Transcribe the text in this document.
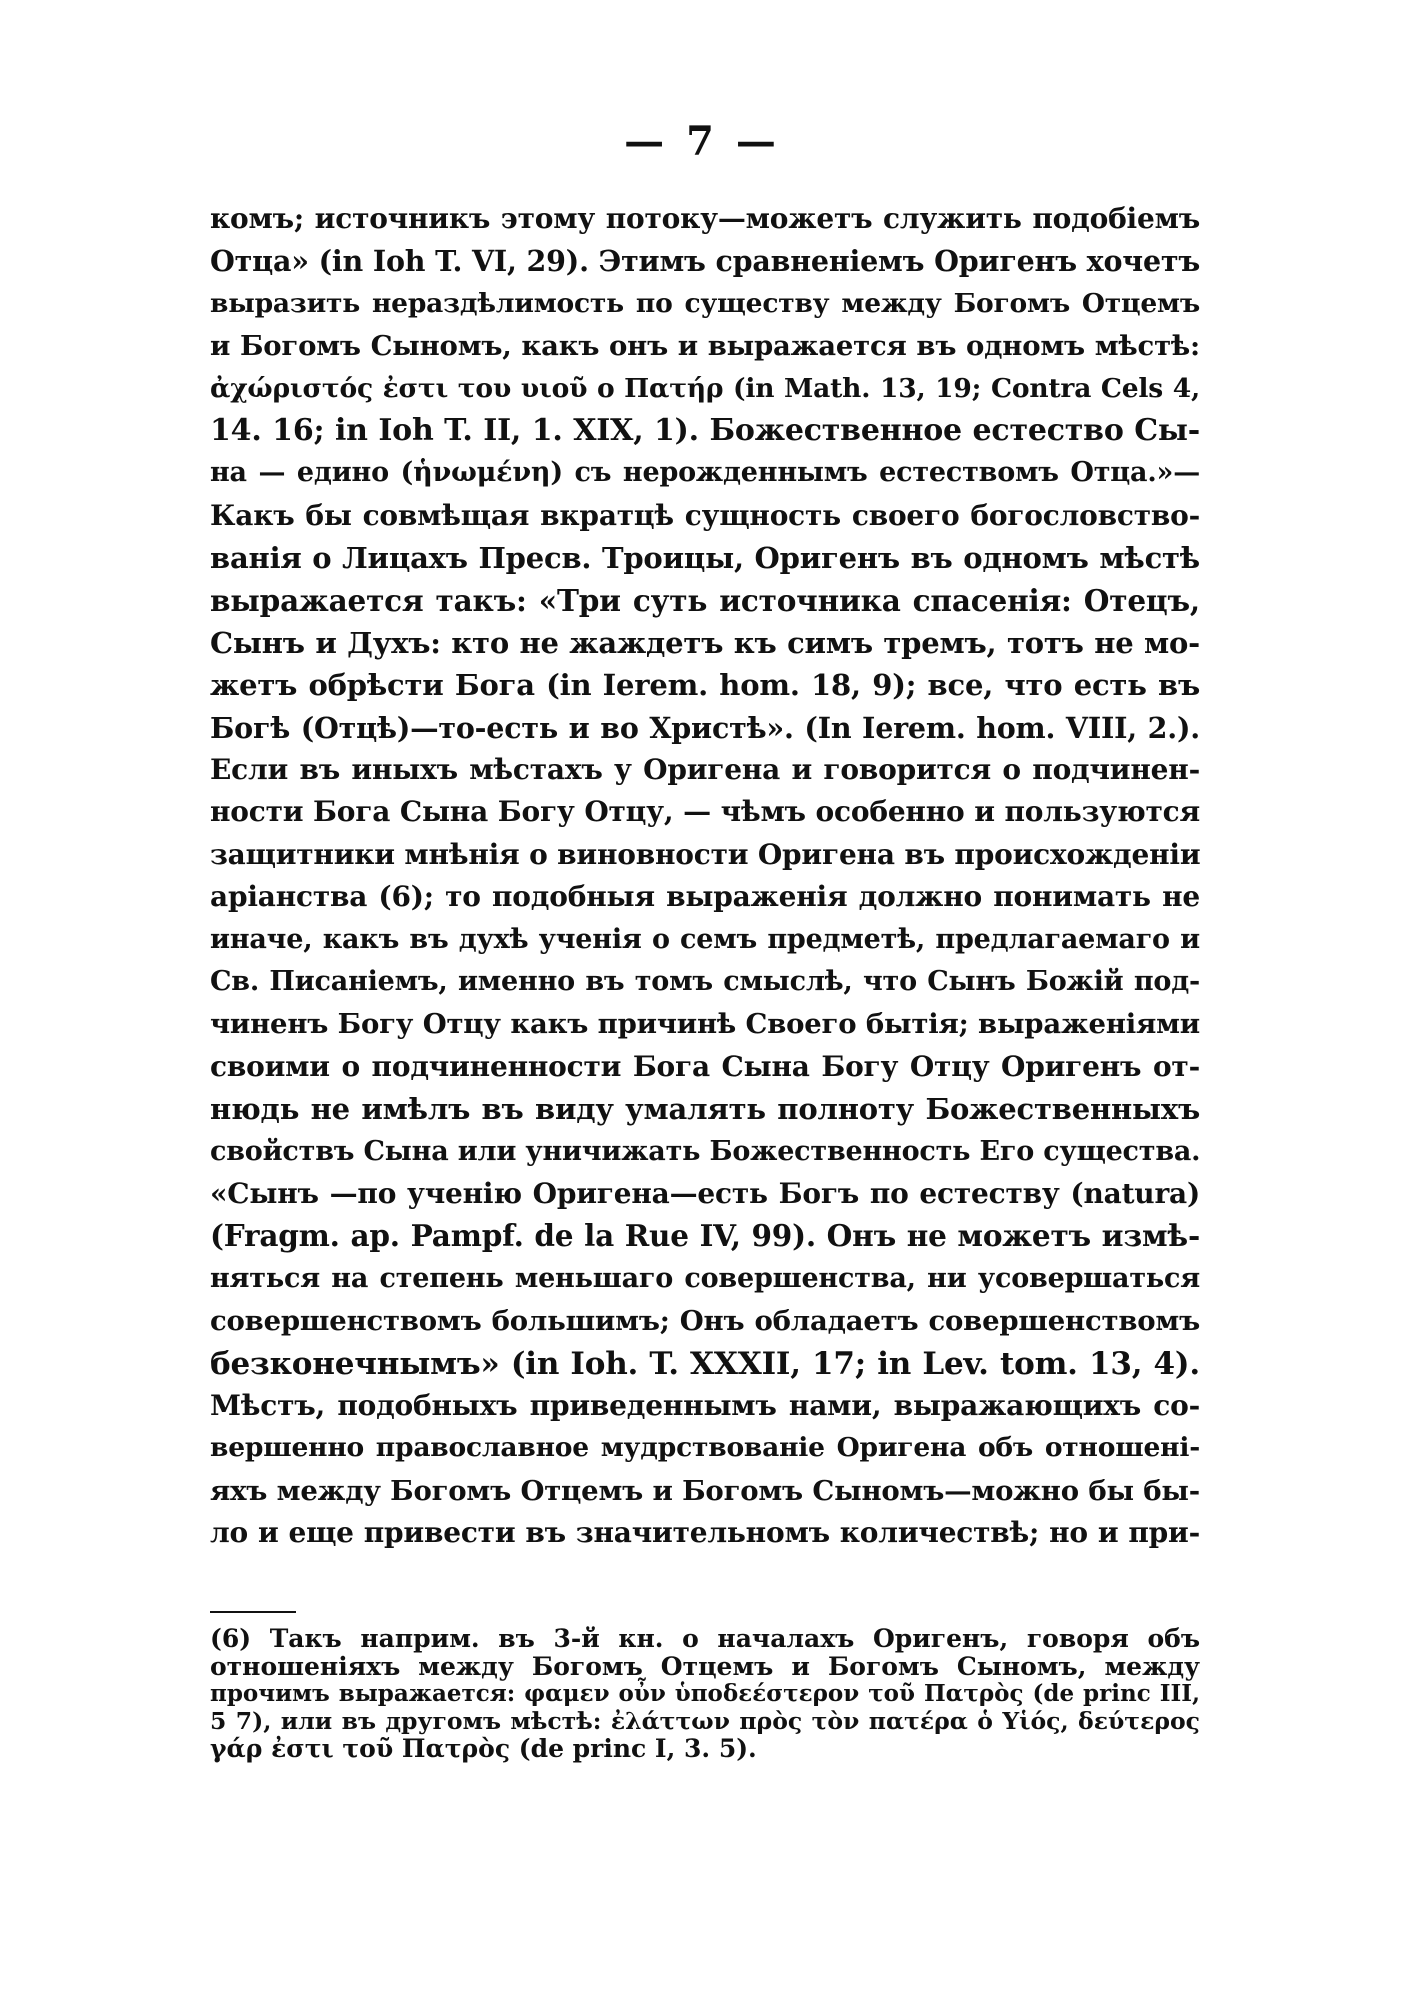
— 7 —
комъ; источникъ этому потоку—можетъ служить подобіемъ
Отца» (in Ioh T. VI, 29). Этимъ сравненіемъ Оригенъ хочетъ
выразить нераздѣлимость по существу между Богомъ Отцемъ
и Богомъ Сыномъ, какъ онъ и выражается въ одномъ мѣстѣ:
ἀχώριστός ἐστι του υιοῦ ο Πατήρ (in Math. 13, 19; Contra Cels 4,
14. 16; in Ioh T. II, 1. XIX, 1). Божественное естество Сы-
на — едино (ἡνωμένη) съ нерожденнымъ естествомъ Отца.»—
Какъ бы совмѣщая вкратцѣ сущность своего богословство-
ванія о Лицахъ Пресв. Троицы, Оригенъ въ одномъ мѣстѣ
выражается такъ: «Три суть источника спасенія: Отецъ,
Сынъ и Духъ: кто не жаждетъ къ симъ тремъ, тотъ не мо-
жетъ обрѣсти Бога (in Ierem. hom. 18, 9); все, что есть въ
Богѣ (Отцѣ)—то-есть и во Христѣ». (In Ierem. hom. VIII, 2.).
Если въ иныхъ мѣстахъ у Оригена и говорится о подчинен-
ности Бога Сына Богу Отцу, — чѣмъ особенно и пользуются
защитники мнѣнія о виновности Оригена въ происхожденіи
аріанства (6); то подобныя выраженія должно понимать не
иначе, какъ въ духѣ ученія о семъ предметѣ, предлагаемаго и
Св. Писаніемъ, именно въ томъ смыслѣ, что Сынъ Божій под-
чиненъ Богу Отцу какъ причинѣ Своего бытія; выраженіями
своими о подчиненности Бога Сына Богу Отцу Оригенъ от-
нюдь не имѣлъ въ виду умалять полноту Божественныхъ
свойствъ Сына или уничижать Божественность Его существа.
«Сынъ —по ученію Оригена—есть Богъ по естеству (natura)
(Fragm. ap. Pampf. de la Rue IV, 99). Онъ не можетъ измѣ-
няться на степень меньшаго совершенства, ни усовершаться
совершенствомъ большимъ; Онъ обладаетъ совершенствомъ
безконечнымъ» (in Ioh. T. XXXII, 17; in Lev. tom. 13, 4).
Мѣстъ, подобныхъ приведеннымъ нами, выражающихъ со-
вершенно православное мудрствованіе Оригена объ отношені-
яхъ между Богомъ Отцемъ и Богомъ Сыномъ—можно бы бы-
ло и еще привести въ значительномъ количествѣ; но и при-
(6) Такъ наприм. въ 3-й кн. о началахъ Оригенъ, говоря объ
отношеніяхъ между Богомъ Отцемъ и Богомъ Сыномъ, между
прочимъ выражается: φαμεν οὖν ὑποδεέστερον τοῦ Πατρὸς (de princ III,
5 7), или въ другомъ мѣстѣ: ἐλάττων πρὸς τὸν πατέρα ὁ Υἱός, δεύτερος
γάρ ἐστι τοῦ Πατρὸς (de princ I, 3. 5).
